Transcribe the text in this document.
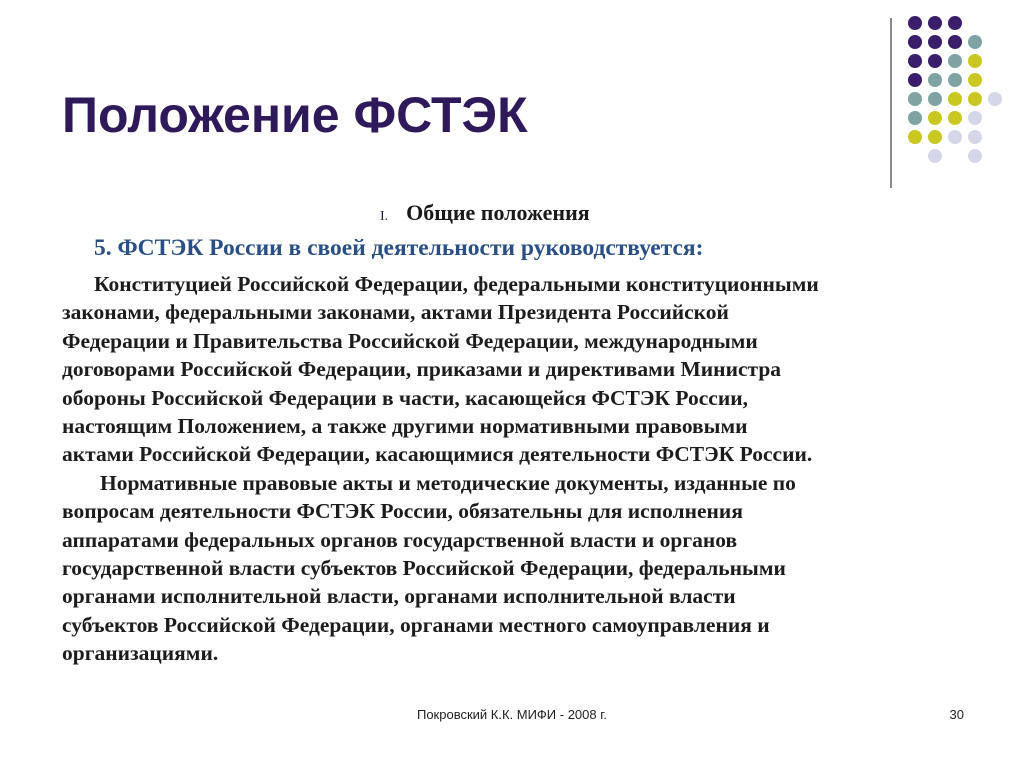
Положение ФСТЭК
I. Общие положения
5. ФСТЭК России в своей деятельности руководствуется:
Конституцией Российской Федерации, федеральными конституционными
законами, федеральными законами, актами Президента Российской
Федерации и Правительства Российской Федерации, международными
договорами Российской Федерации, приказами и директивами Министра
обороны Российской Федерации в части, касающейся ФСТЭК России,
настоящим Положением, а также другими нормативными правовыми
актами Российской Федерации, касающимися деятельности ФСТЭК России.
Нормативные правовые акты и методические документы, изданные по
вопросам деятельности ФСТЭК России, обязательны для исполнения
аппаратами федеральных органов государственной власти и органов
государственной власти субъектов Российской Федерации, федеральными
органами исполнительной власти, органами исполнительной власти
субъектов Российской Федерации, органами местного самоуправления и
организациями.
Покровский К.К. МИФИ - 2008 г.	30
